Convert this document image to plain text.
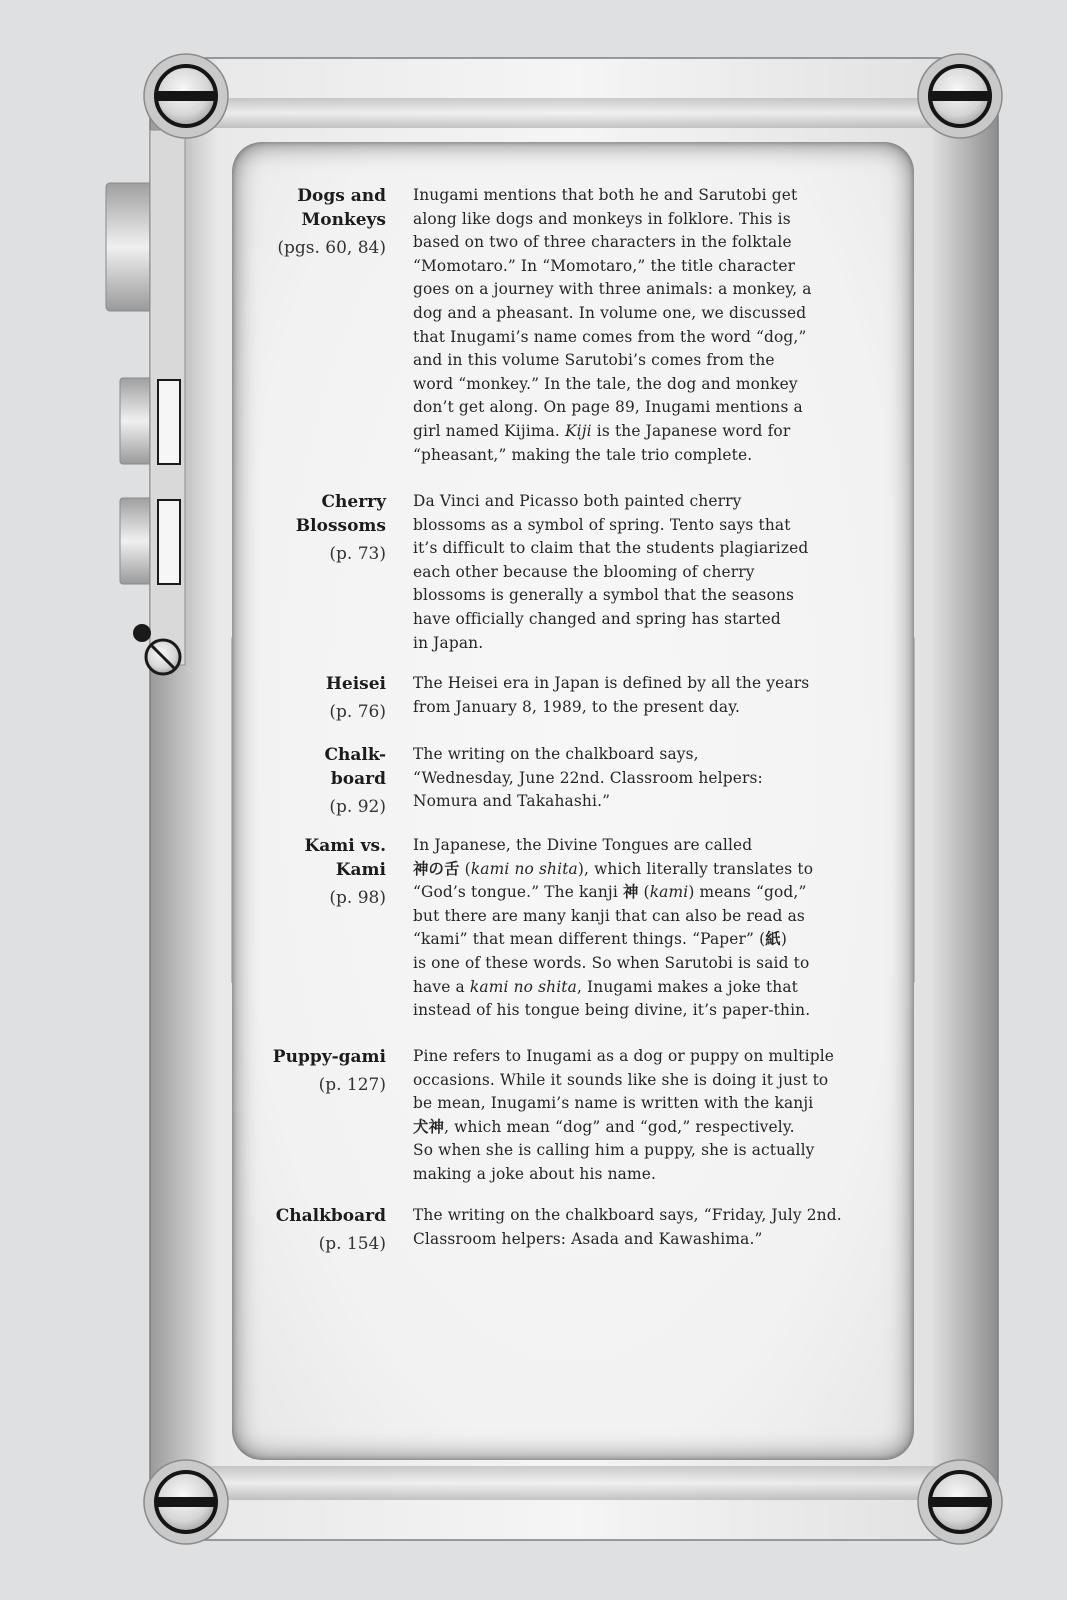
Dogs and
Monkeys
(pgs. 60, 84)
Inugami mentions that both he and Sarutobi get
along like dogs and monkeys in folklore. This is
based on two of three characters in the folktale
“Momotaro.” In “Momotaro,” the title character
goes on a journey with three animals: a monkey, a
dog and a pheasant. In volume one, we discussed
that Inugami’s name comes from the word “dog,”
and in this volume Sarutobi’s comes from the
word “monkey.” In the tale, the dog and monkey
don’t get along. On page 89, Inugami mentions a
girl named Kijima. Kiji is the Japanese word for
“pheasant,” making the tale trio complete.
Cherry
Blossoms
(p. 73)
Da Vinci and Picasso both painted cherry
blossoms as a symbol of spring. Tento says that
it’s difficult to claim that the students plagiarized
each other because the blooming of cherry
blossoms is generally a symbol that the seasons
have officially changed and spring has started
in Japan.
Heisei
(p. 76)
The Heisei era in Japan is defined by all the years
from January 8, 1989, to the present day.
Chalk-
board
(p. 92)
The writing on the chalkboard says,
“Wednesday, June 22nd. Classroom helpers:
Nomura and Takahashi.”
Kami vs.
Kami
(p. 98)
In Japanese, the Divine Tongues are called
神の舌 (kami no shita), which literally translates to
“God’s tongue.” The kanji 神 (kami) means “god,”
but there are many kanji that can also be read as
“kami” that mean different things. “Paper” (紙)
is one of these words. So when Sarutobi is said to
have a kami no shita, Inugami makes a joke that
instead of his tongue being divine, it’s paper-thin.
Puppy-gami
(p. 127)
Pine refers to Inugami as a dog or puppy on multiple
occasions. While it sounds like she is doing it just to
be mean, Inugami’s name is written with the kanji
犬神, which mean “dog” and “god,” respectively.
So when she is calling him a puppy, she is actually
making a joke about his name.
Chalkboard
(p. 154)
The writing on the chalkboard says, “Friday, July 2nd.
Classroom helpers: Asada and Kawashima.”
